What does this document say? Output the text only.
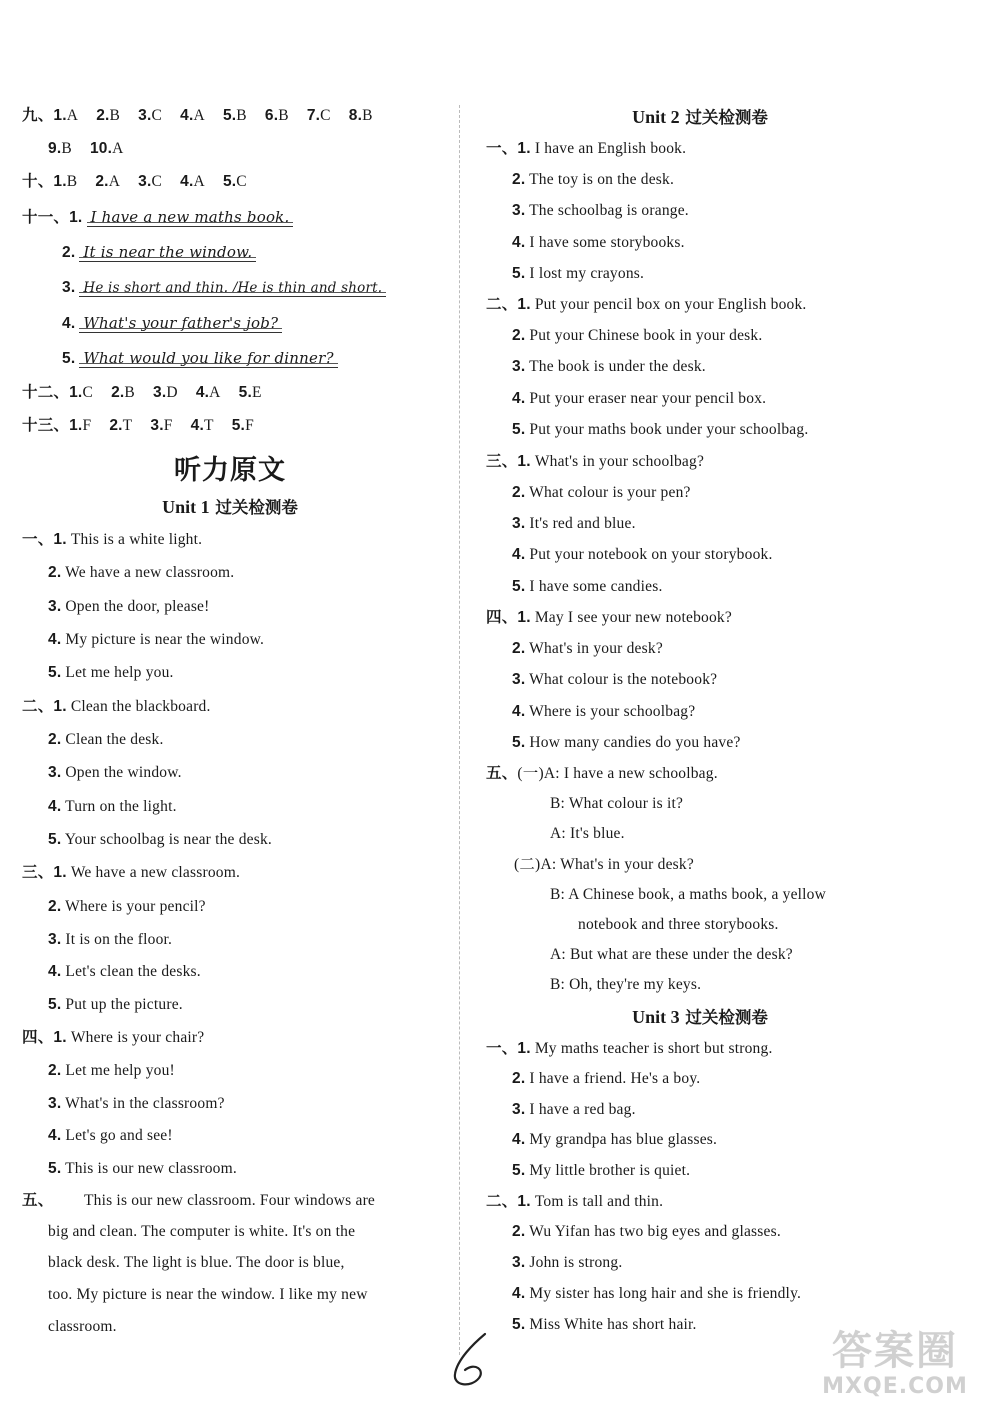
九、1.A 2.B 3.C 4.A 5.B 6.B 7.C 8.B
9.B 10.A
十、1.B 2.A 3.C 4.A 5.C
十一、1. I have a new maths book.
2. It is near the window.
3. He is short and thin. /He is thin and short.
4. What's your father's job?
5. What would you like for dinner?
十二、1.C 2.B 3.D 4.A 5.E
十三、1.F 2.T 3.F 4.T 5.F
听力原文
Unit 1 过关检测卷
一、1. This is a white light.
2. We have a new classroom.
3. Open the door, please!
4. My picture is near the window.
5. Let me help you.
二、1. Clean the blackboard.
2. Clean the desk.
3. Open the window.
4. Turn on the light.
5. Your schoolbag is near the desk.
三、1. We have a new classroom.
2. Where is your pencil?
3. It is on the floor.
4. Let's clean the desks.
5. Put up the picture.
四、1. Where is your chair?
2. Let me help you!
3. What's in the classroom?
4. Let's go and see!
5. This is our new classroom.
五、 This is our new classroom. Four windows are
big and clean. The computer is white. It's on the
black desk. The light is blue. The door is blue,
too. My picture is near the window. I like my new
classroom.
Unit 2 过关检测卷
一、1. I have an English book.
2. The toy is on the desk.
3. The schoolbag is orange.
4. I have some storybooks.
5. I lost my crayons.
二、1. Put your pencil box on your English book.
2. Put your Chinese book in your desk.
3. The book is under the desk.
4. Put your eraser near your pencil box.
5. Put your maths book under your schoolbag.
三、1. What's in your schoolbag?
2. What colour is your pen?
3. It's red and blue.
4. Put your notebook on your storybook.
5. I have some candies.
四、1. May I see your new notebook?
2. What's in your desk?
3. What colour is the notebook?
4. Where is your schoolbag?
5. How many candies do you have?
五、(一)A: I have a new schoolbag.
B: What colour is it?
A: It's blue.
(二)A: What's in your desk?
B: A Chinese book, a maths book, a yellow
notebook and three storybooks.
A: But what are these under the desk?
B: Oh, they're my keys.
Unit 3 过关检测卷
一、1. My maths teacher is short but strong.
2. I have a friend. He's a boy.
3. I have a red bag.
4. My grandpa has blue glasses.
5. My little brother is quiet.
二、1. Tom is tall and thin.
2. Wu Yifan has two big eyes and glasses.
3. John is strong.
4. My sister has long hair and she is friendly.
5. Miss White has short hair.
答案圈
MXQE.COM
